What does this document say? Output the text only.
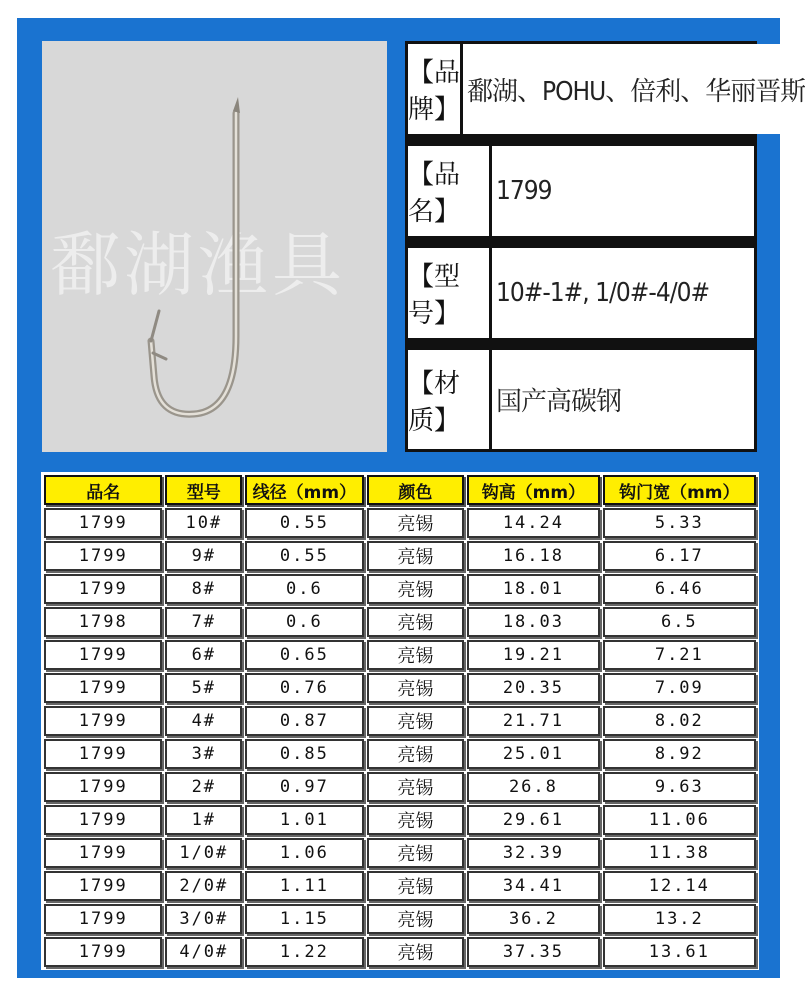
鄱湖渔具
【品牌】
鄱湖、POHU、倍利、华丽晋斯
【品名】
1799
【型号】
10#-1#, 1/0#-4/0#
【材质】
国产高碳钢
品名	型号	线径（mm）	颜色	钩高（mm）	钩门宽（mm）
1799	10#	0.55	亮锡	14.24	5.33
1799	9#	0.55	亮锡	16.18	6.17
1799	8#	0.6	亮锡	18.01	6.46
1798	7#	0.6	亮锡	18.03	6.5
1799	6#	0.65	亮锡	19.21	7.21
1799	5#	0.76	亮锡	20.35	7.09
1799	4#	0.87	亮锡	21.71	8.02
1799	3#	0.85	亮锡	25.01	8.92
1799	2#	0.97	亮锡	26.8	9.63
1799	1#	1.01	亮锡	29.61	11.06
1799	1/0#	1.06	亮锡	32.39	11.38
1799	2/0#	1.11	亮锡	34.41	12.14
1799	3/0#	1.15	亮锡	36.2	13.2
1799	4/0#	1.22	亮锡	37.35	13.61
